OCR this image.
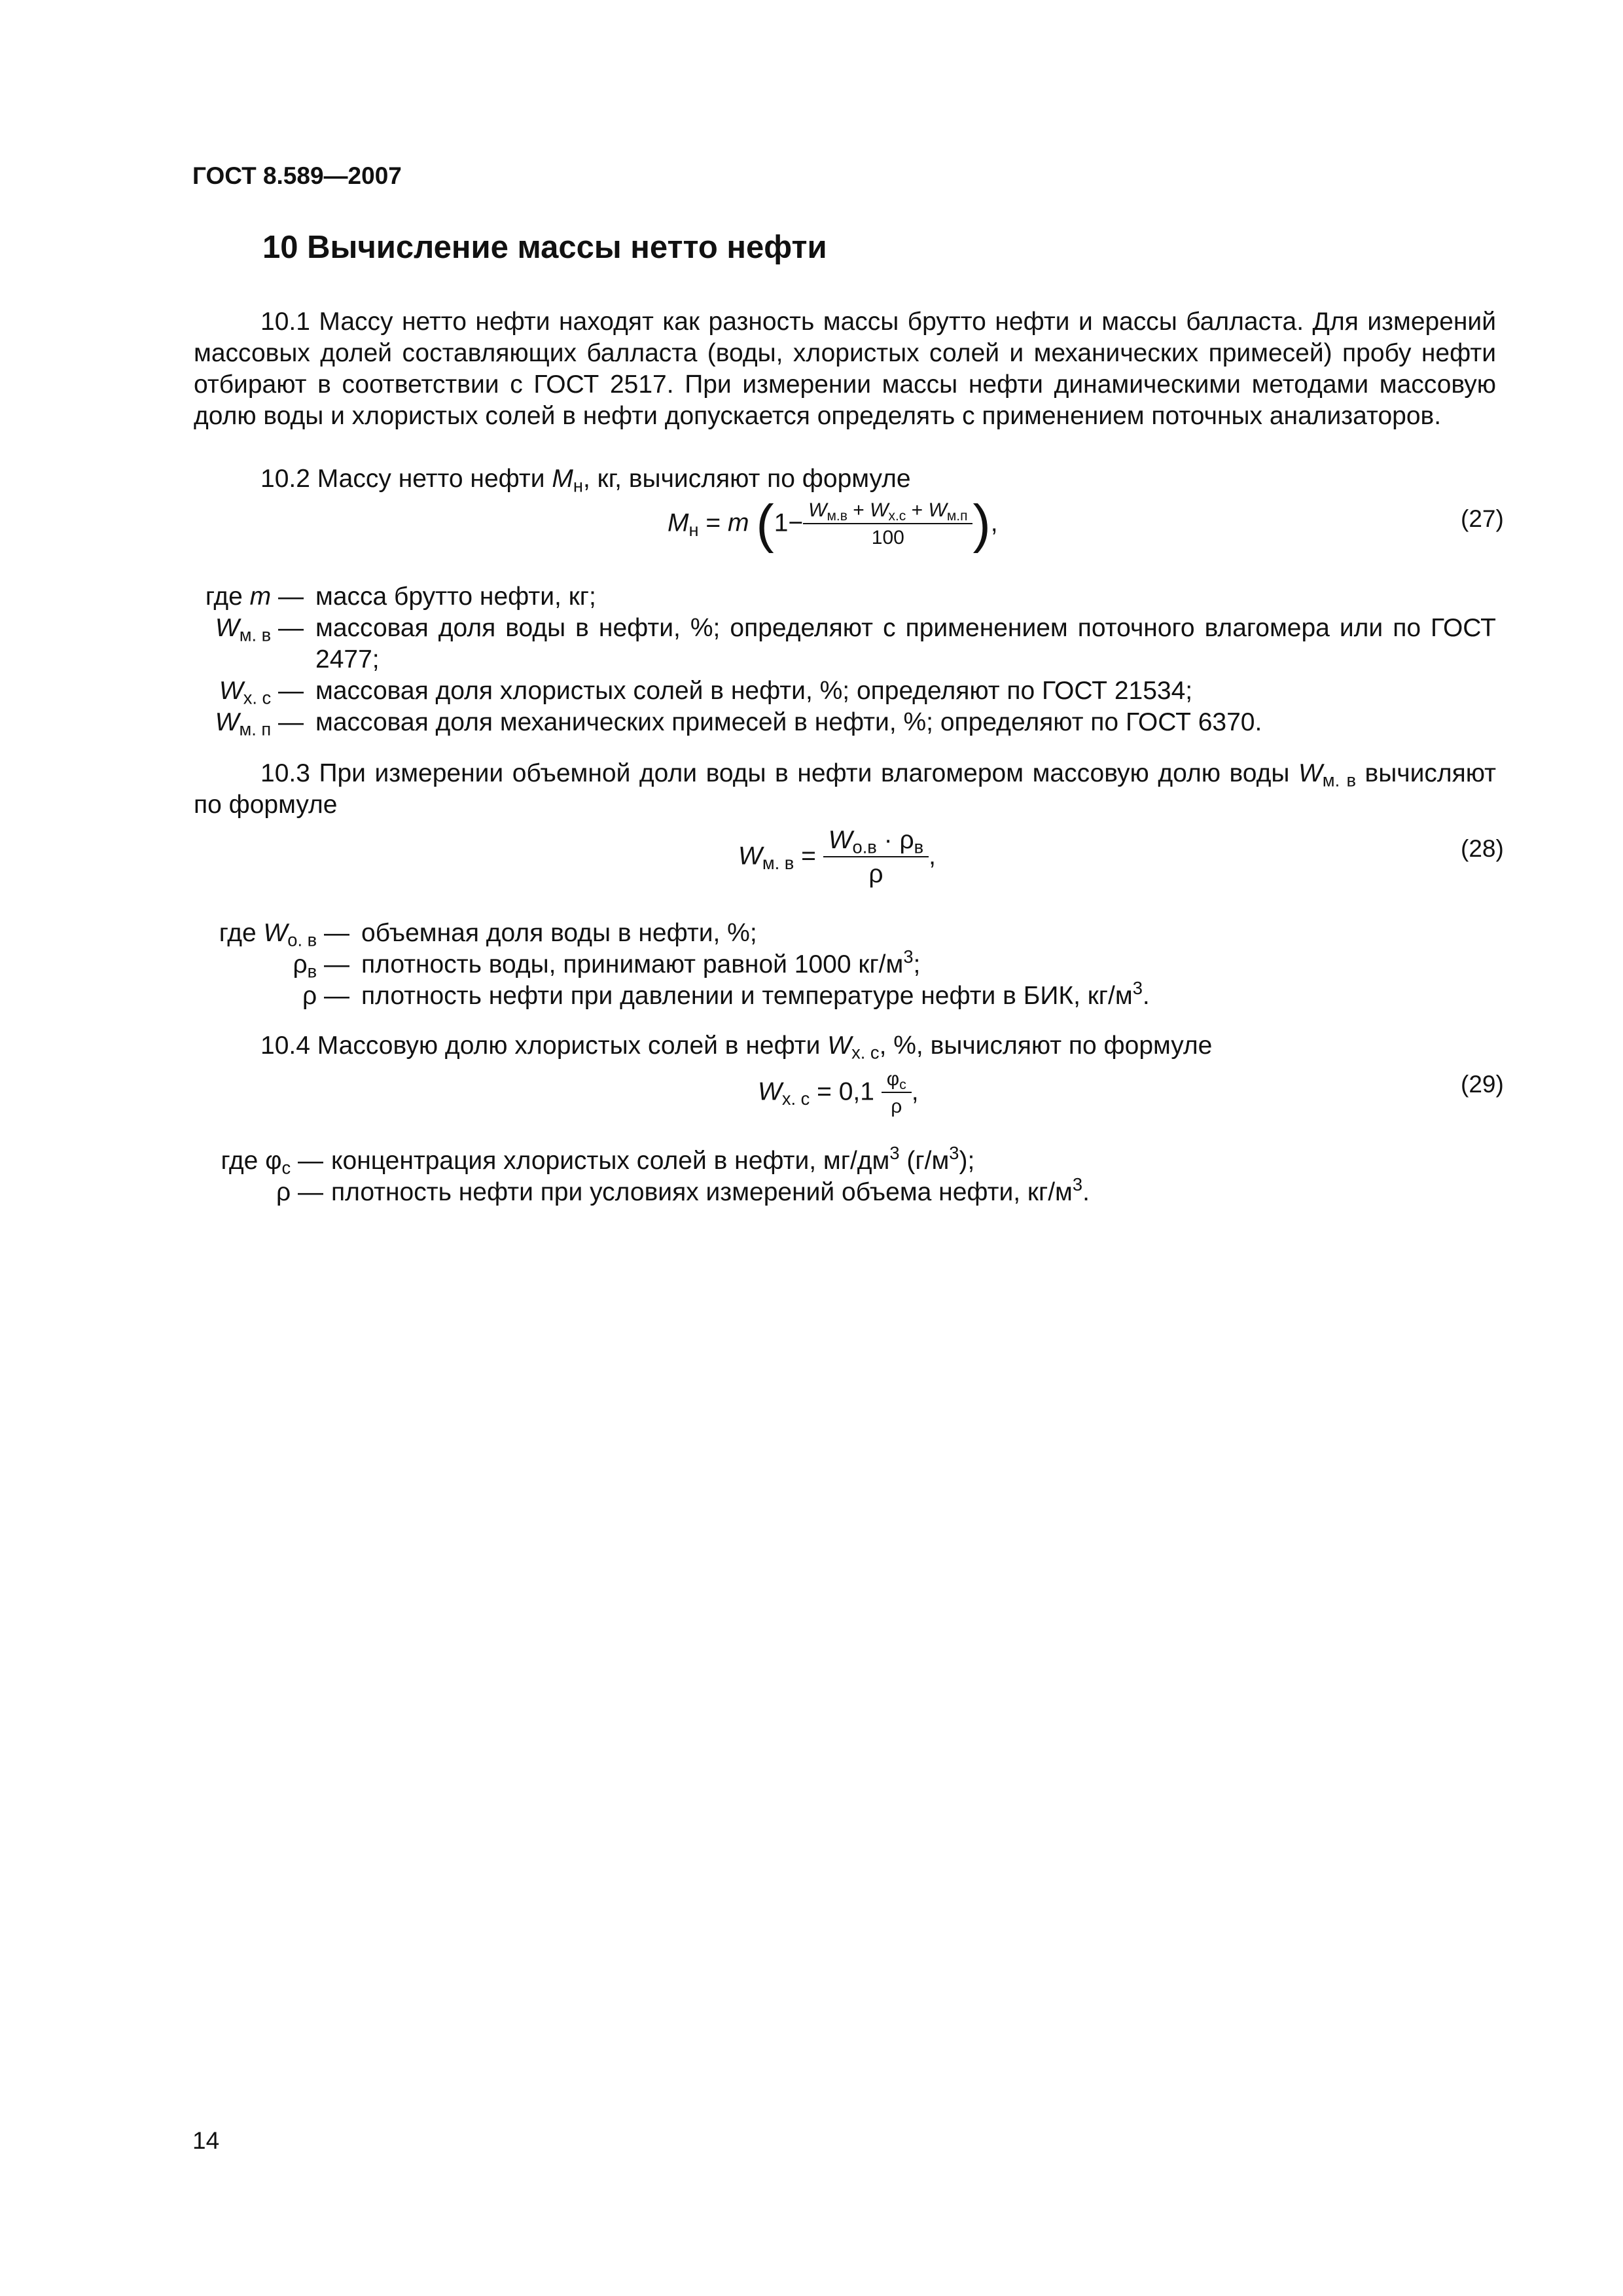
ГОСТ 8.589—2007
10 Вычисление массы нетто нефти
10.1 Массу нетто нефти находят как разность массы брутто нефти и массы балласта. Для измерений массовых долей составляющих балласта (воды, хлористых солей и механических примесей) пробу нефти отбирают в соответствии с ГОСТ 2517. При измерении массы нефти динамическими методами массовую долю воды и хлористых солей в нефти допускается определять с применением поточных анализаторов.
10.2 Массу нетто нефти $M_н$, кг, вычисляют по формуле
$M_н = m$ ($1- \frac{W_{м.в} + W_{х.с} + W_{м.п}}{100}$ ),	(27)
где m — масса брутто нефти, кг;
$W_{м. в}$ — массовая доля воды в нефти, %; определяют с применением поточного влагомера или по ГОСТ 2477;
$W_{х. с}$ — массовая доля хлористых солей в нефти, %; определяют по ГОСТ 21534;
$W_{м. п}$ — массовая доля механических примесей в нефти, %; определяют по ГОСТ 6370.
10.3 При измерении объемной доли воды в нефти влагомером массовую долю воды $W_{м. в}$ вычисляют по формуле
$W_{м. в} = \frac{W_{о.в} \cdot \rho_в}{\rho}$ ,	(28)
где $W_{о. в}$ — объемная доля воды в нефти, %;
$\rho_в$ — плотность воды, принимают равной 1000 $кг/м^3$;
ρ — плотность нефти при давлении и температуре нефти в БИК, $кг/м^3$.
10.4 Массовую долю хлористых солей в нефти $W_{х. с}$, %, вычисляют по формуле
$W_{х. с} = 0,1 \frac{\varphi_c}{\rho}$ ,	(29)
где $\varphi_c$ — концентрация хлористых солей в нефти, $мг/дм^3$ $(г/м^3)$;
ρ — плотность нефти при условиях измерений объема нефти, $кг/м^3$.
14
